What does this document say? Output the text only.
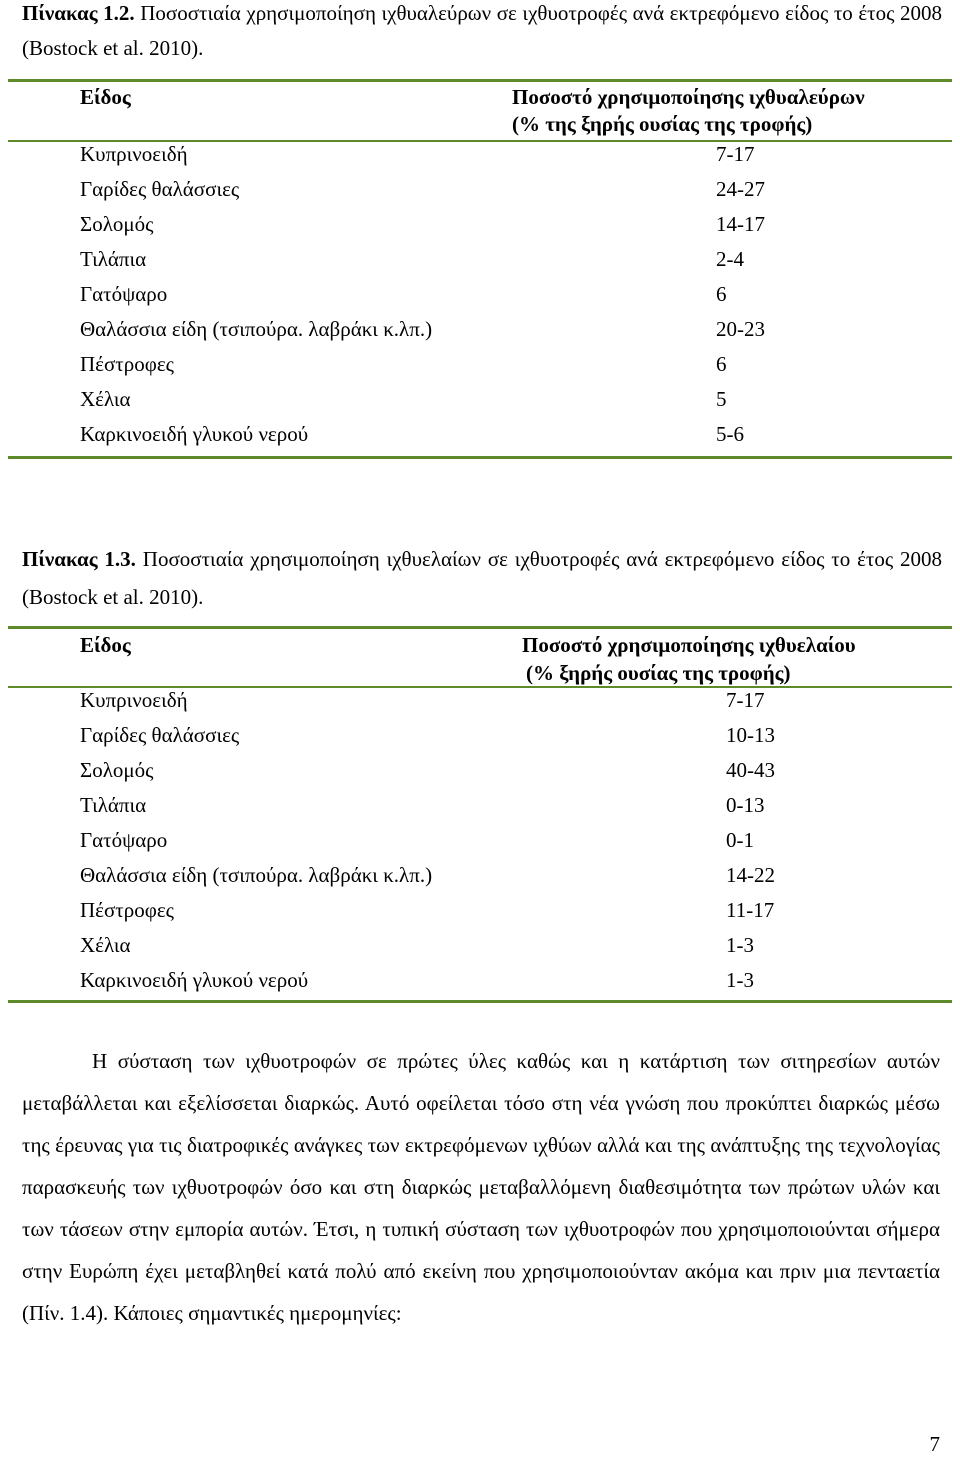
Πίνακας 1.2. Ποσοστιαία χρησιμοποίηση ιχθυαλεύρων σε ιχθυοτροφές ανά εκτρεφόμενο είδος το έτος 2008 (Bostock et al. 2010).

Είδος	Ποσοστό χρησιμοποίησης ιχθυαλεύρων
(% της ξηρής ουσίας της τροφής)
Κυπρινοειδή	7-17
Γαρίδες θαλάσσιες	24-27
Σολομός	14-17
Τιλάπια	2-4
Γατόψαρο	6
Θαλάσσια είδη (τσιπούρα. λαβράκι κ.λπ.)	20-23
Πέστροφες	6
Χέλια	5
Καρκινοειδή γλυκού νερού	5-6

Πίνακας 1.3. Ποσοστιαία χρησιμοποίηση ιχθυελαίων σε ιχθυοτροφές ανά εκτρεφόμενο είδος το έτος 2008 (Bostock et al. 2010).

Είδος	Ποσοστό χρησιμοποίησης ιχθυελαίου
(% ξηρής ουσίας της τροφής)
Κυπρινοειδή	7-17
Γαρίδες θαλάσσιες	10-13
Σολομός	40-43
Τιλάπια	0-13
Γατόψαρο	0-1
Θαλάσσια είδη (τσιπούρα. λαβράκι κ.λπ.)	14-22
Πέστροφες	11-17
Χέλια	1-3
Καρκινοειδή γλυκού νερού	1-3

Η σύσταση των ιχθυοτροφών σε πρώτες ύλες καθώς και η κατάρτιση των σιτηρεσίων αυτών μεταβάλλεται και εξελίσσεται διαρκώς. Αυτό οφείλεται τόσο στη νέα γνώση που προκύπτει διαρκώς μέσω της έρευνας για τις διατροφικές ανάγκες των εκτρεφόμενων ιχθύων αλλά και της ανάπτυξης της τεχνολογίας παρασκευής των ιχθυοτροφών όσο και στη διαρκώς μεταβαλλόμενη διαθεσιμότητα των πρώτων υλών και των τάσεων στην εμπορία αυτών. Έτσι, η τυπική σύσταση των ιχθυοτροφών που χρησιμοποιούνται σήμερα στην Ευρώπη έχει μεταβληθεί κατά πολύ από εκείνη που χρησιμοποιούνταν ακόμα και πριν μια πενταετία (Πίν. 1.4). Κάποιες σημαντικές ημερομηνίες:

7
